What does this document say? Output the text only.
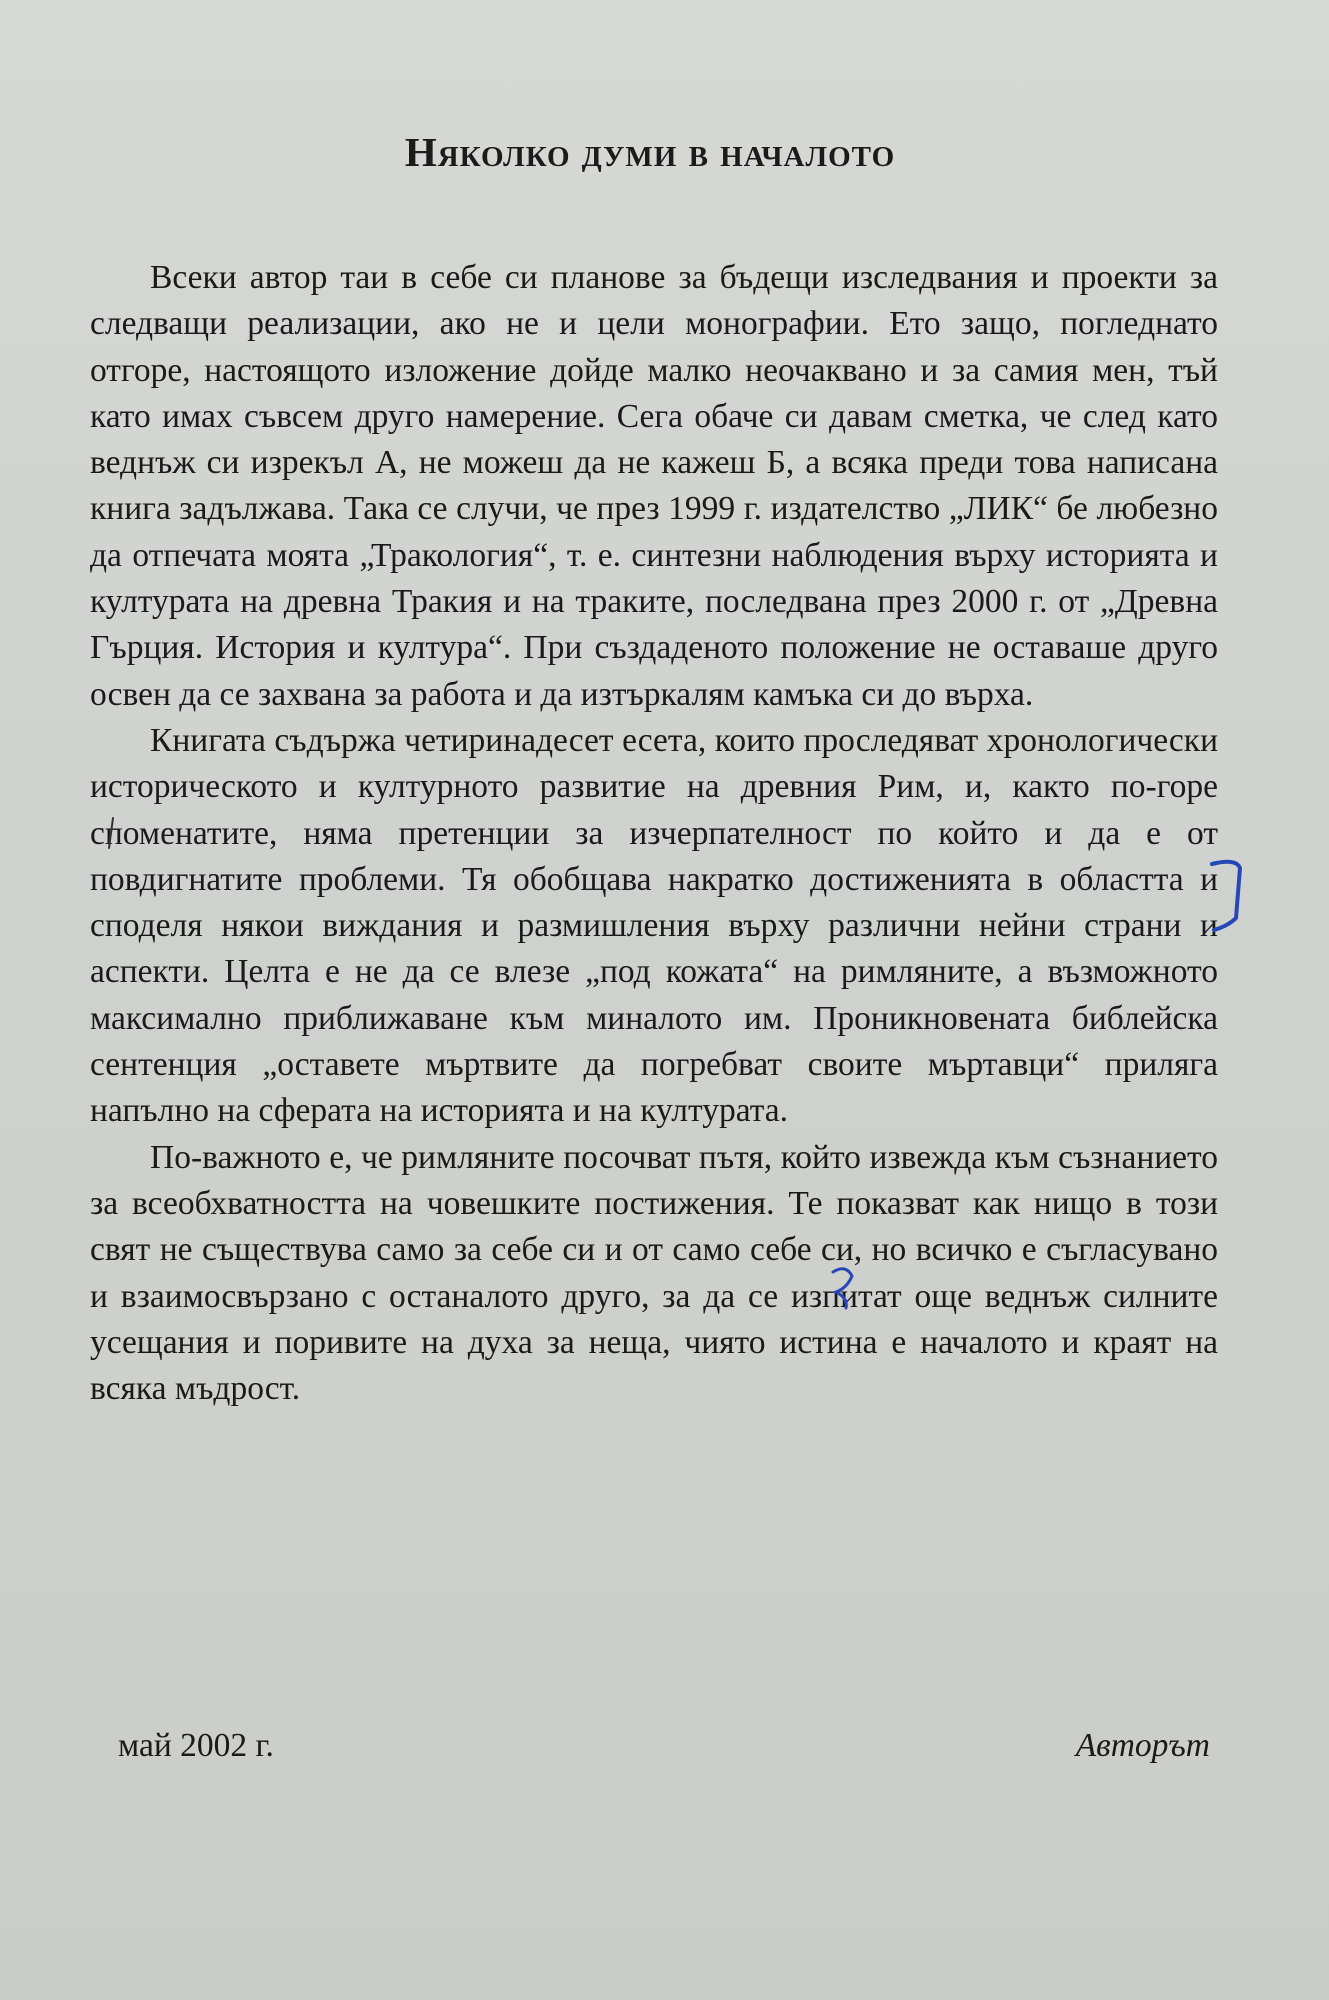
Няколко думи в началото

Всеки автор таи в себе си планове за бъдещи изследвания и проекти за следващи реализации, ако не и цели монографии. Ето защо, погледнато отгоре, настоящото изложение дойде малко неочаквано и за самия мен, тъй като имах съвсем друго намерение. Сега обаче си давам сметка, че след като веднъж си изрекъл А, не можеш да не кажеш Б, а всяка преди това написана книга задължава. Така се случи, че през 1999 г. издателство „ЛИК“ бе любезно да отпечата моята „Тракология“, т. е. синтезни наблюдения върху историята и културата на древна Тракия и на траките, последвана през 2000 г. от „Древна Гърция. История и култура“. При създаденото положение не оставаше друго освен да се захвана за работа и да изтъркалям камъка си до върха.

Книгата съдържа четиринадесет есета, които проследяват хронологически историческото и културното развитие на древния Рим, и, както по-горе споменатите, няма претенции за изчерпателност по който и да е от повдигнатите проблеми. Тя обобщава накратко достиженията в областта и споделя някои виждания и размишления върху различни нейни страни и аспекти. Целта е не да се влезе „под кожата“ на римляните, а възможното максимално приближаване към миналото им. Проникновената библейска сентенция „оставете мъртвите да погребват своите мъртавци“ приляга напълно на сферата на историята и на културата.

По-важното е, че римляните посочват пътя, който извежда към съзнанието за всеобхватността на човешките постижения. Те показват как нищо в този свят не съществува само за себе си и от само себе си, но всичко е съгласувано и взаимосвързано с останалото друго, за да се изпитат още веднъж силните усещания и поривите на духа за неща, чиято истина е началото и краят на всяка мъдрост.

май 2002 г.	Авторът
